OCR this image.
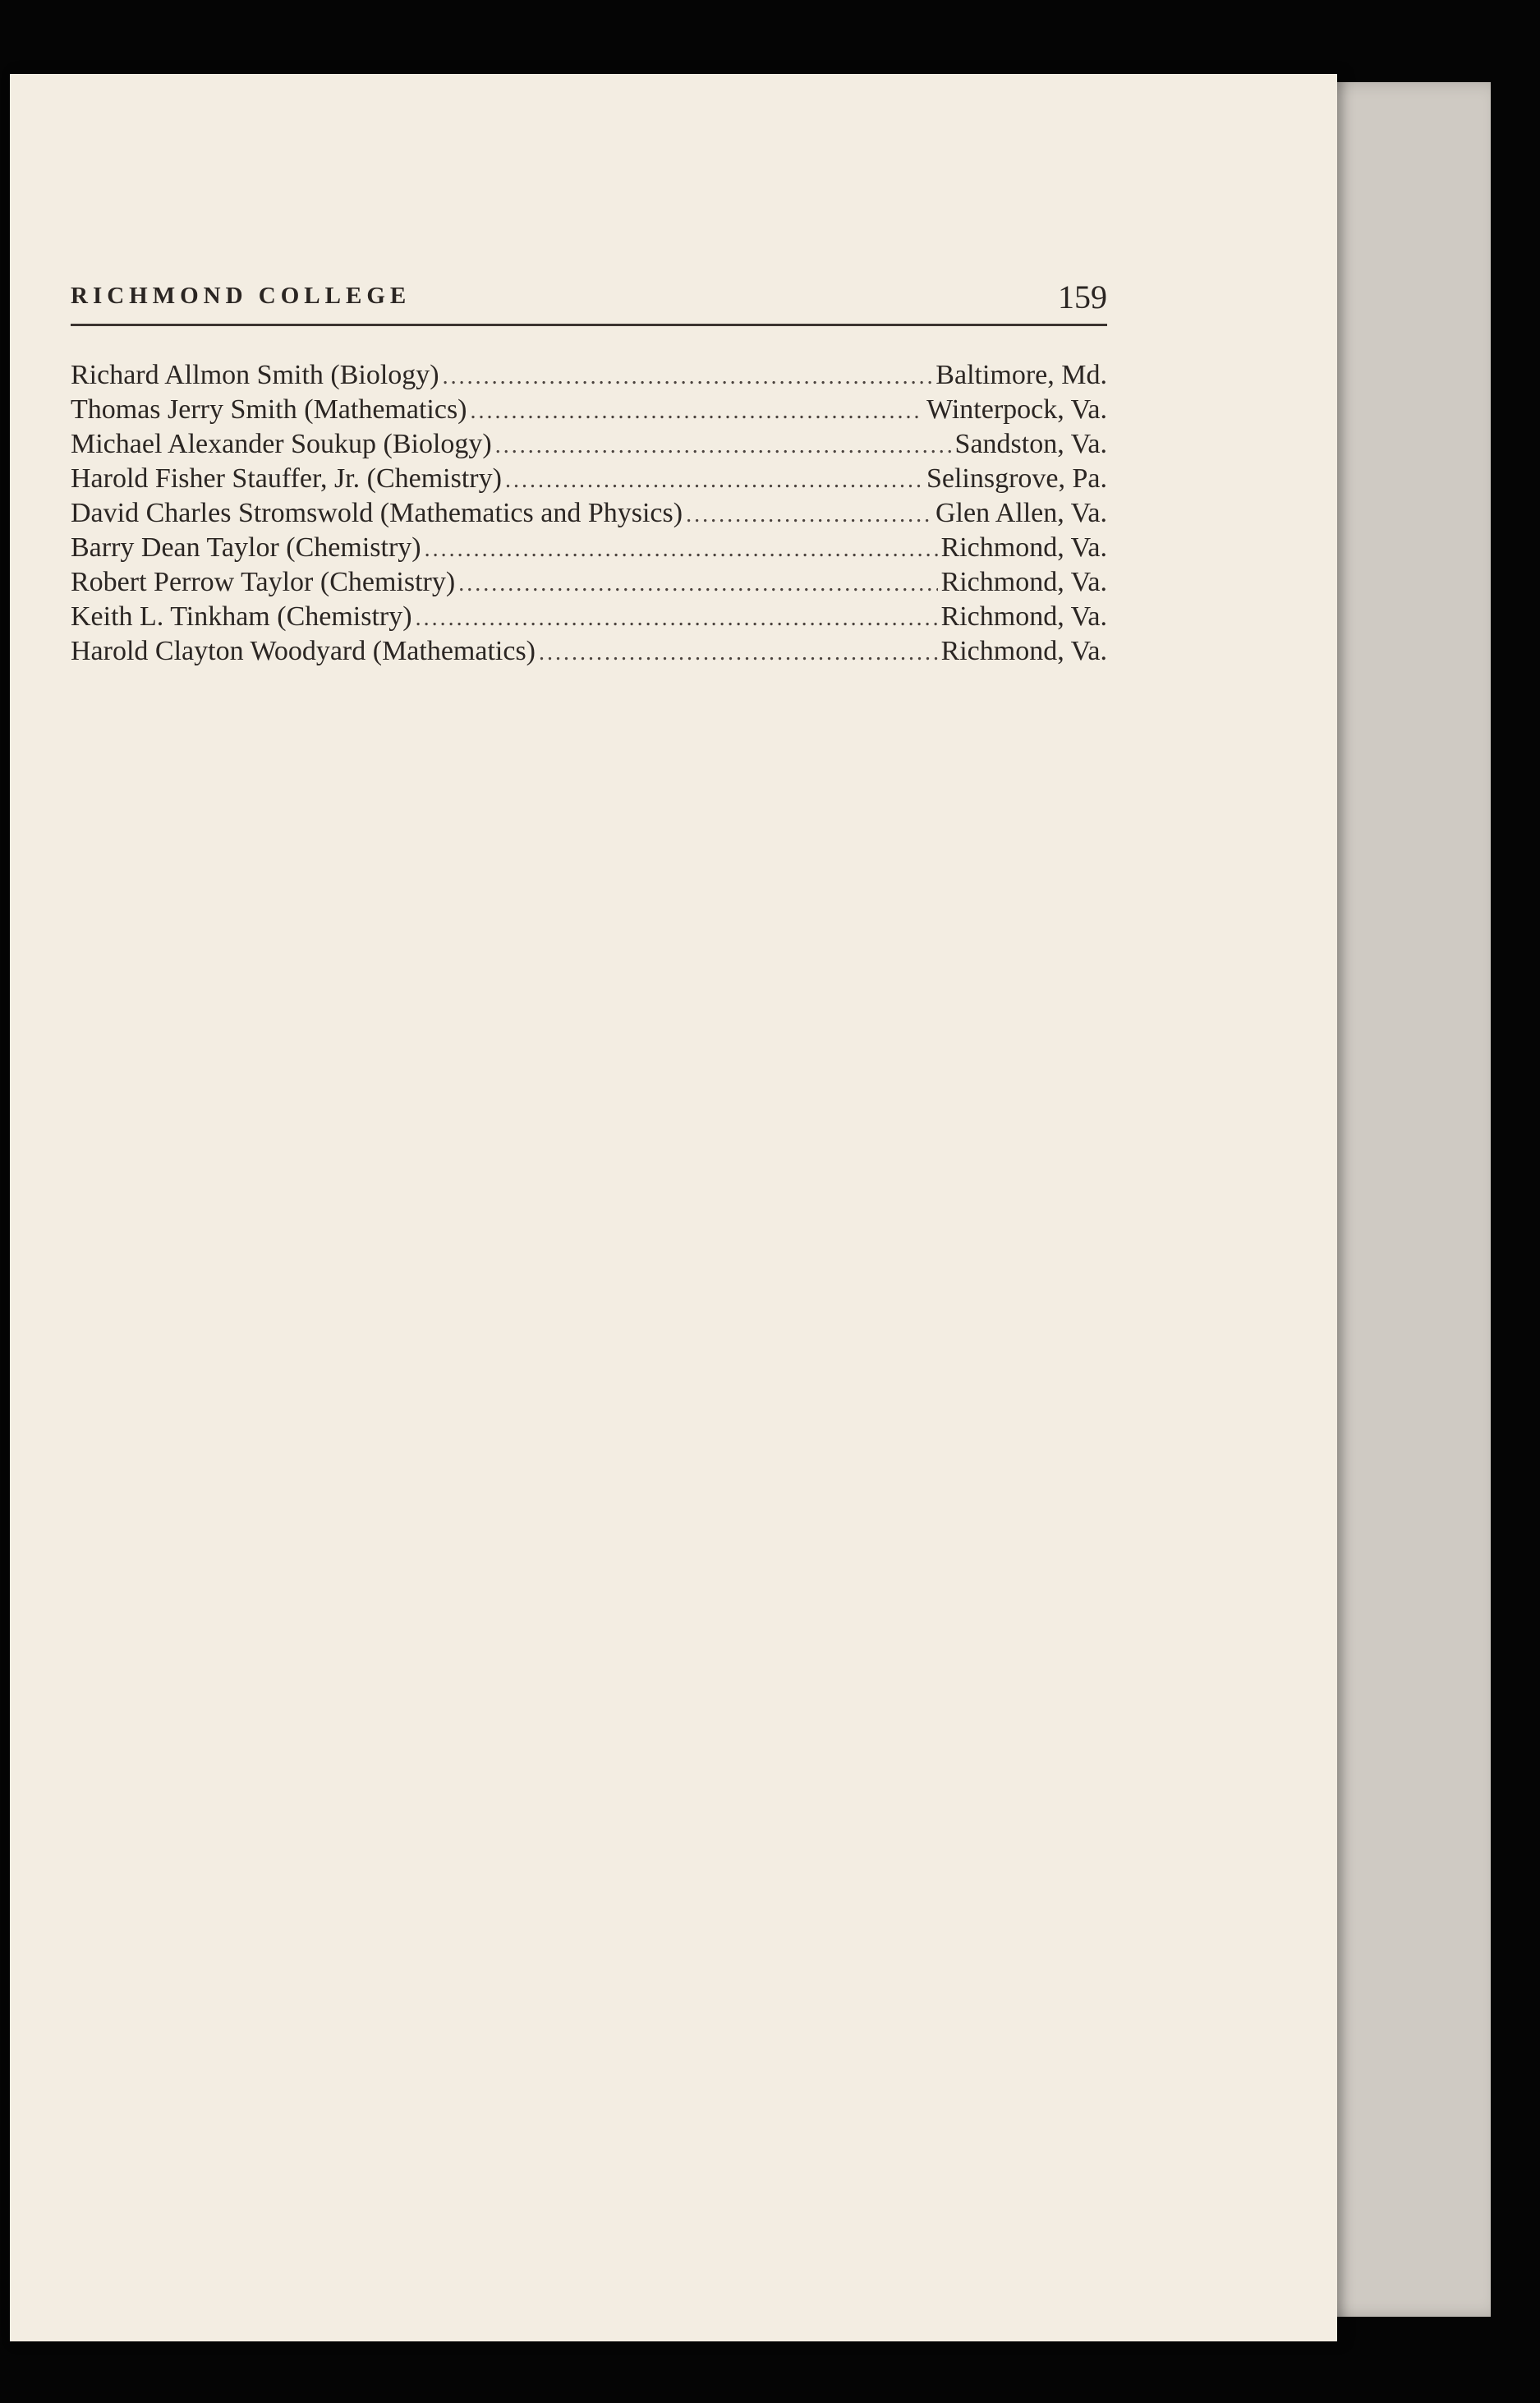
RICHMOND COLLEGE	159
Richard Allmon Smith (Biology) .....	Baltimore, Md.
Thomas Jerry Smith (Mathematics) .....	Winterpock, Va.
Michael Alexander Soukup (Biology) .....	Sandston, Va.
Harold Fisher Stauffer, Jr. (Chemistry) .....	Selinsgrove, Pa.
David Charles Stromswold (Mathematics and Physics) .....	Glen Allen, Va.
Barry Dean Taylor (Chemistry) .....	Richmond, Va.
Robert Perrow Taylor (Chemistry) .....	Richmond, Va.
Keith L. Tinkham (Chemistry) .....	Richmond, Va.
Harold Clayton Woodyard (Mathematics) .....	Richmond, Va.
